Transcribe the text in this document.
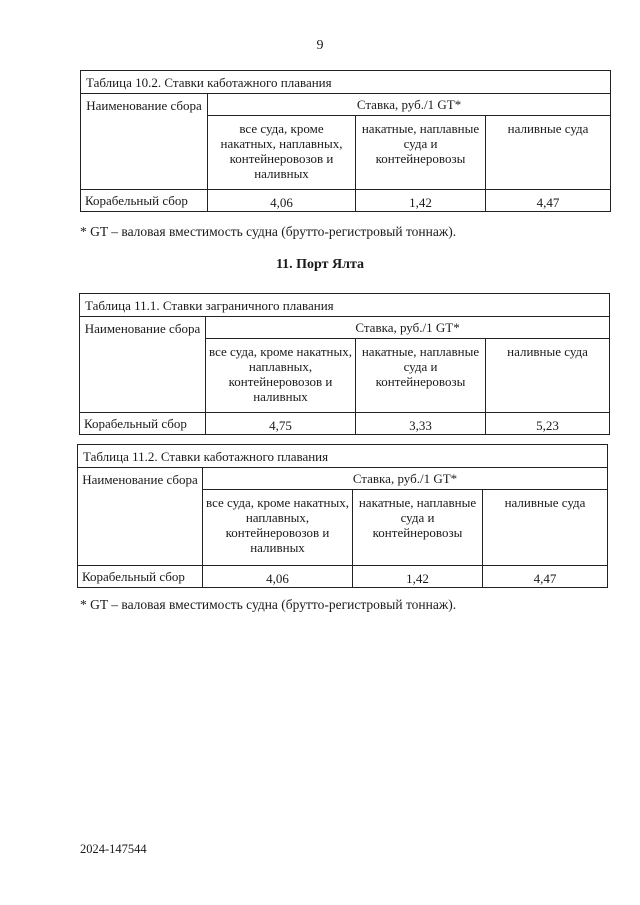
9
Таблица 10.2. Ставки каботажного плавания			
Наименование сбора	Ставка, руб./1 GT*		
	все суда, кроме накатных, наплавных, контейнеровозов и наливных	накатные, наплавные суда и контейнеровозы	наливные суда
Корабельный сбор	4,06	1,42	4,47
* GT – валовая вместимость судна (брутто-регистровый тоннаж).
11. Порт Ялта
Таблица 11.1. Ставки заграничного плавания			
Наименование сбора	Ставка, руб./1 GT*		
	все суда, кроме накатных, наплавных, контейнеровозов и наливных	накатные, наплавные суда и контейнеровозы	наливные суда
Корабельный сбор	4,75	3,33	5,23
Таблица 11.2. Ставки каботажного плавания			
Наименование сбора	Ставка, руб./1 GT*		
	все суда, кроме накатных, наплавных, контейнеровозов и наливных	накатные, наплавные суда и контейнеровозы	наливные суда
Корабельный сбор	4,06	1,42	4,47
* GT – валовая вместимость судна (брутто-регистровый тоннаж).
2024-147544
